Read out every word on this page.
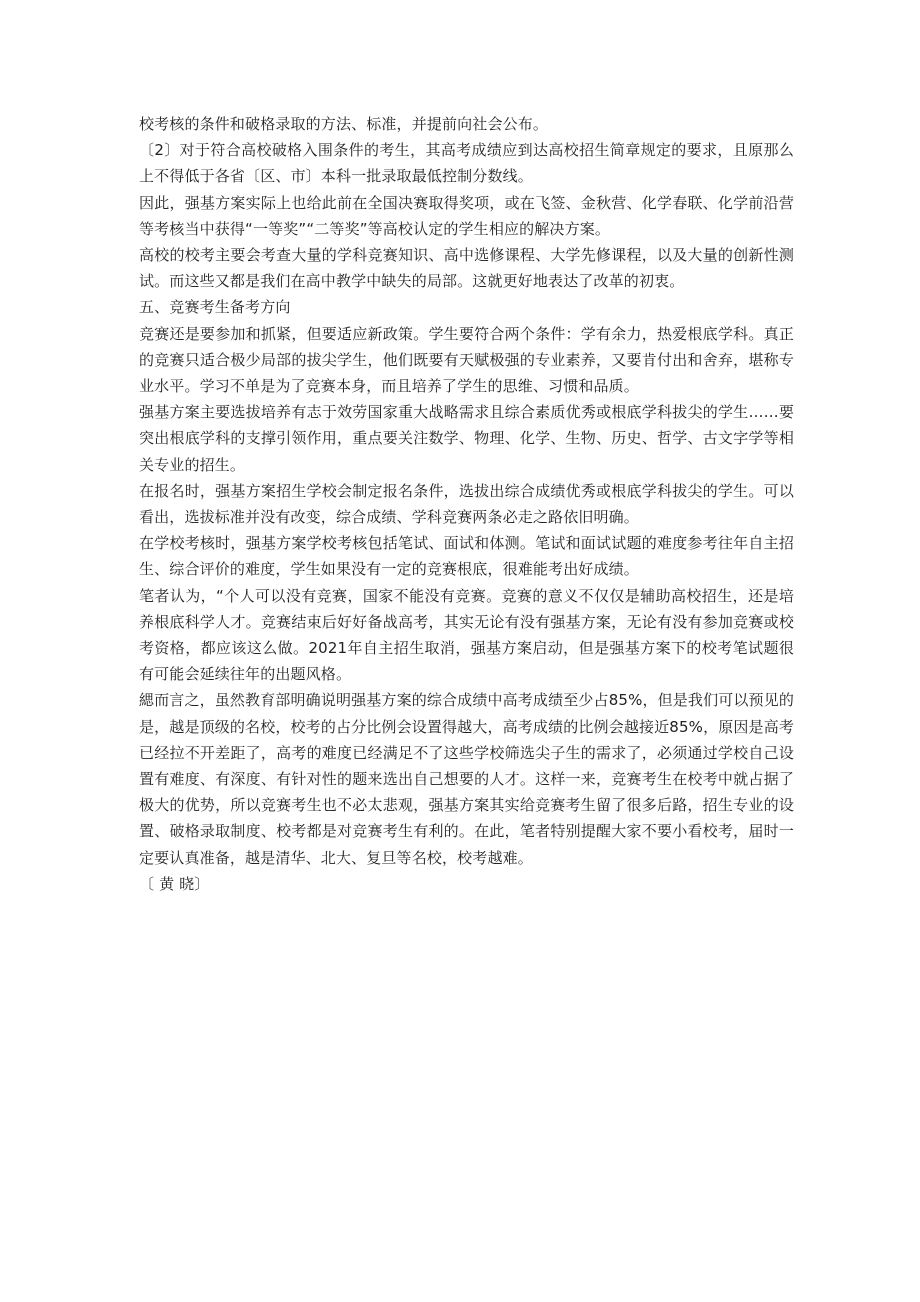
校考核的条件和破格录取的方法、标准，并提前向社会公布。

〔2〕对于符合高校破格入围条件的考生，其高考成绩应到达高校招生简章规定的要求，且原那么上不得低于各省〔区、市〕本科一批录取最低控制分数线。

因此，强基方案实际上也给此前在全国决赛取得奖项，或在飞签、金秋营、化学春联、化学前沿营等考核当中获得“一等奖”“二等奖”等高校认定的学生相应的解决方案。

高校的校考主要会考查大量的学科竞赛知识、高中选修课程、大学先修课程，以及大量的创新性测试。而这些又都是我们在高中教学中缺失的局部。这就更好地表达了改革的初衷。

五、竞赛考生备考方向

竞赛还是要参加和抓紧，但要适应新政策。学生要符合两个条件：学有余力，热爱根底学科。真正的竞赛只适合极少局部的拔尖学生，他们既要有天赋极强的专业素养，又要肯付出和舍弃，堪称专业水平。学习不单是为了竞赛本身，而且培养了学生的思维、习惯和品质。

强基方案主要选拔培养有志于效劳国家重大战略需求且综合素质优秀或根底学科拔尖的学生……要突出根底学科的支撑引领作用，重点要关注数学、物理、化学、生物、历史、哲学、古文字学等相关专业的招生。

在报名时，强基方案招生学校会制定报名条件，选拔出综合成绩优秀或根底学科拔尖的学生。可以看出，选拔标准并没有改变，综合成绩、学科竞赛两条必走之路依旧明确。

在学校考核时，强基方案学校考核包括笔试、面试和体测。笔试和面试试题的难度参考往年自主招生、综合评价的难度，学生如果没有一定的竞赛根底，很难能考出好成绩。

笔者认为，“个人可以没有竞赛，国家不能没有竞赛。竞赛的意义不仅仅是辅助高校招生，还是培养根底科学人才。竞赛结束后好好备战高考，其实无论有没有强基方案，无论有没有参加竞赛或校考资格，都应该这么做。2021年自主招生取消，强基方案启动，但是强基方案下的校考笔试题很有可能会延续往年的出题风格。

緦而言之，虽然教育部明确说明强基方案的综合成绩中高考成绩至少占85%，但是我们可以预见的是，越是顶级的名校，校考的占分比例会设置得越大，高考成绩的比例会越接近85%，原因是高考已经拉不开差距了，高考的难度已经满足不了这些学校筛选尖子生的需求了，必须通过学校自己设置有难度、有深度、有针对性的题来选出自己想要的人才。这样一来，竞赛考生在校考中就占据了极大的优势，所以竞赛考生也不必太悲观，强基方案其实给竞赛考生留了很多后路，招生专业的设置、破格录取制度、校考都是对竞赛考生有利的。在此，笔者特别提醒大家不要小看校考，届时一定要认真准备，越是清华、北大、复旦等名校，校考越难。

〔 黄 晓〕
